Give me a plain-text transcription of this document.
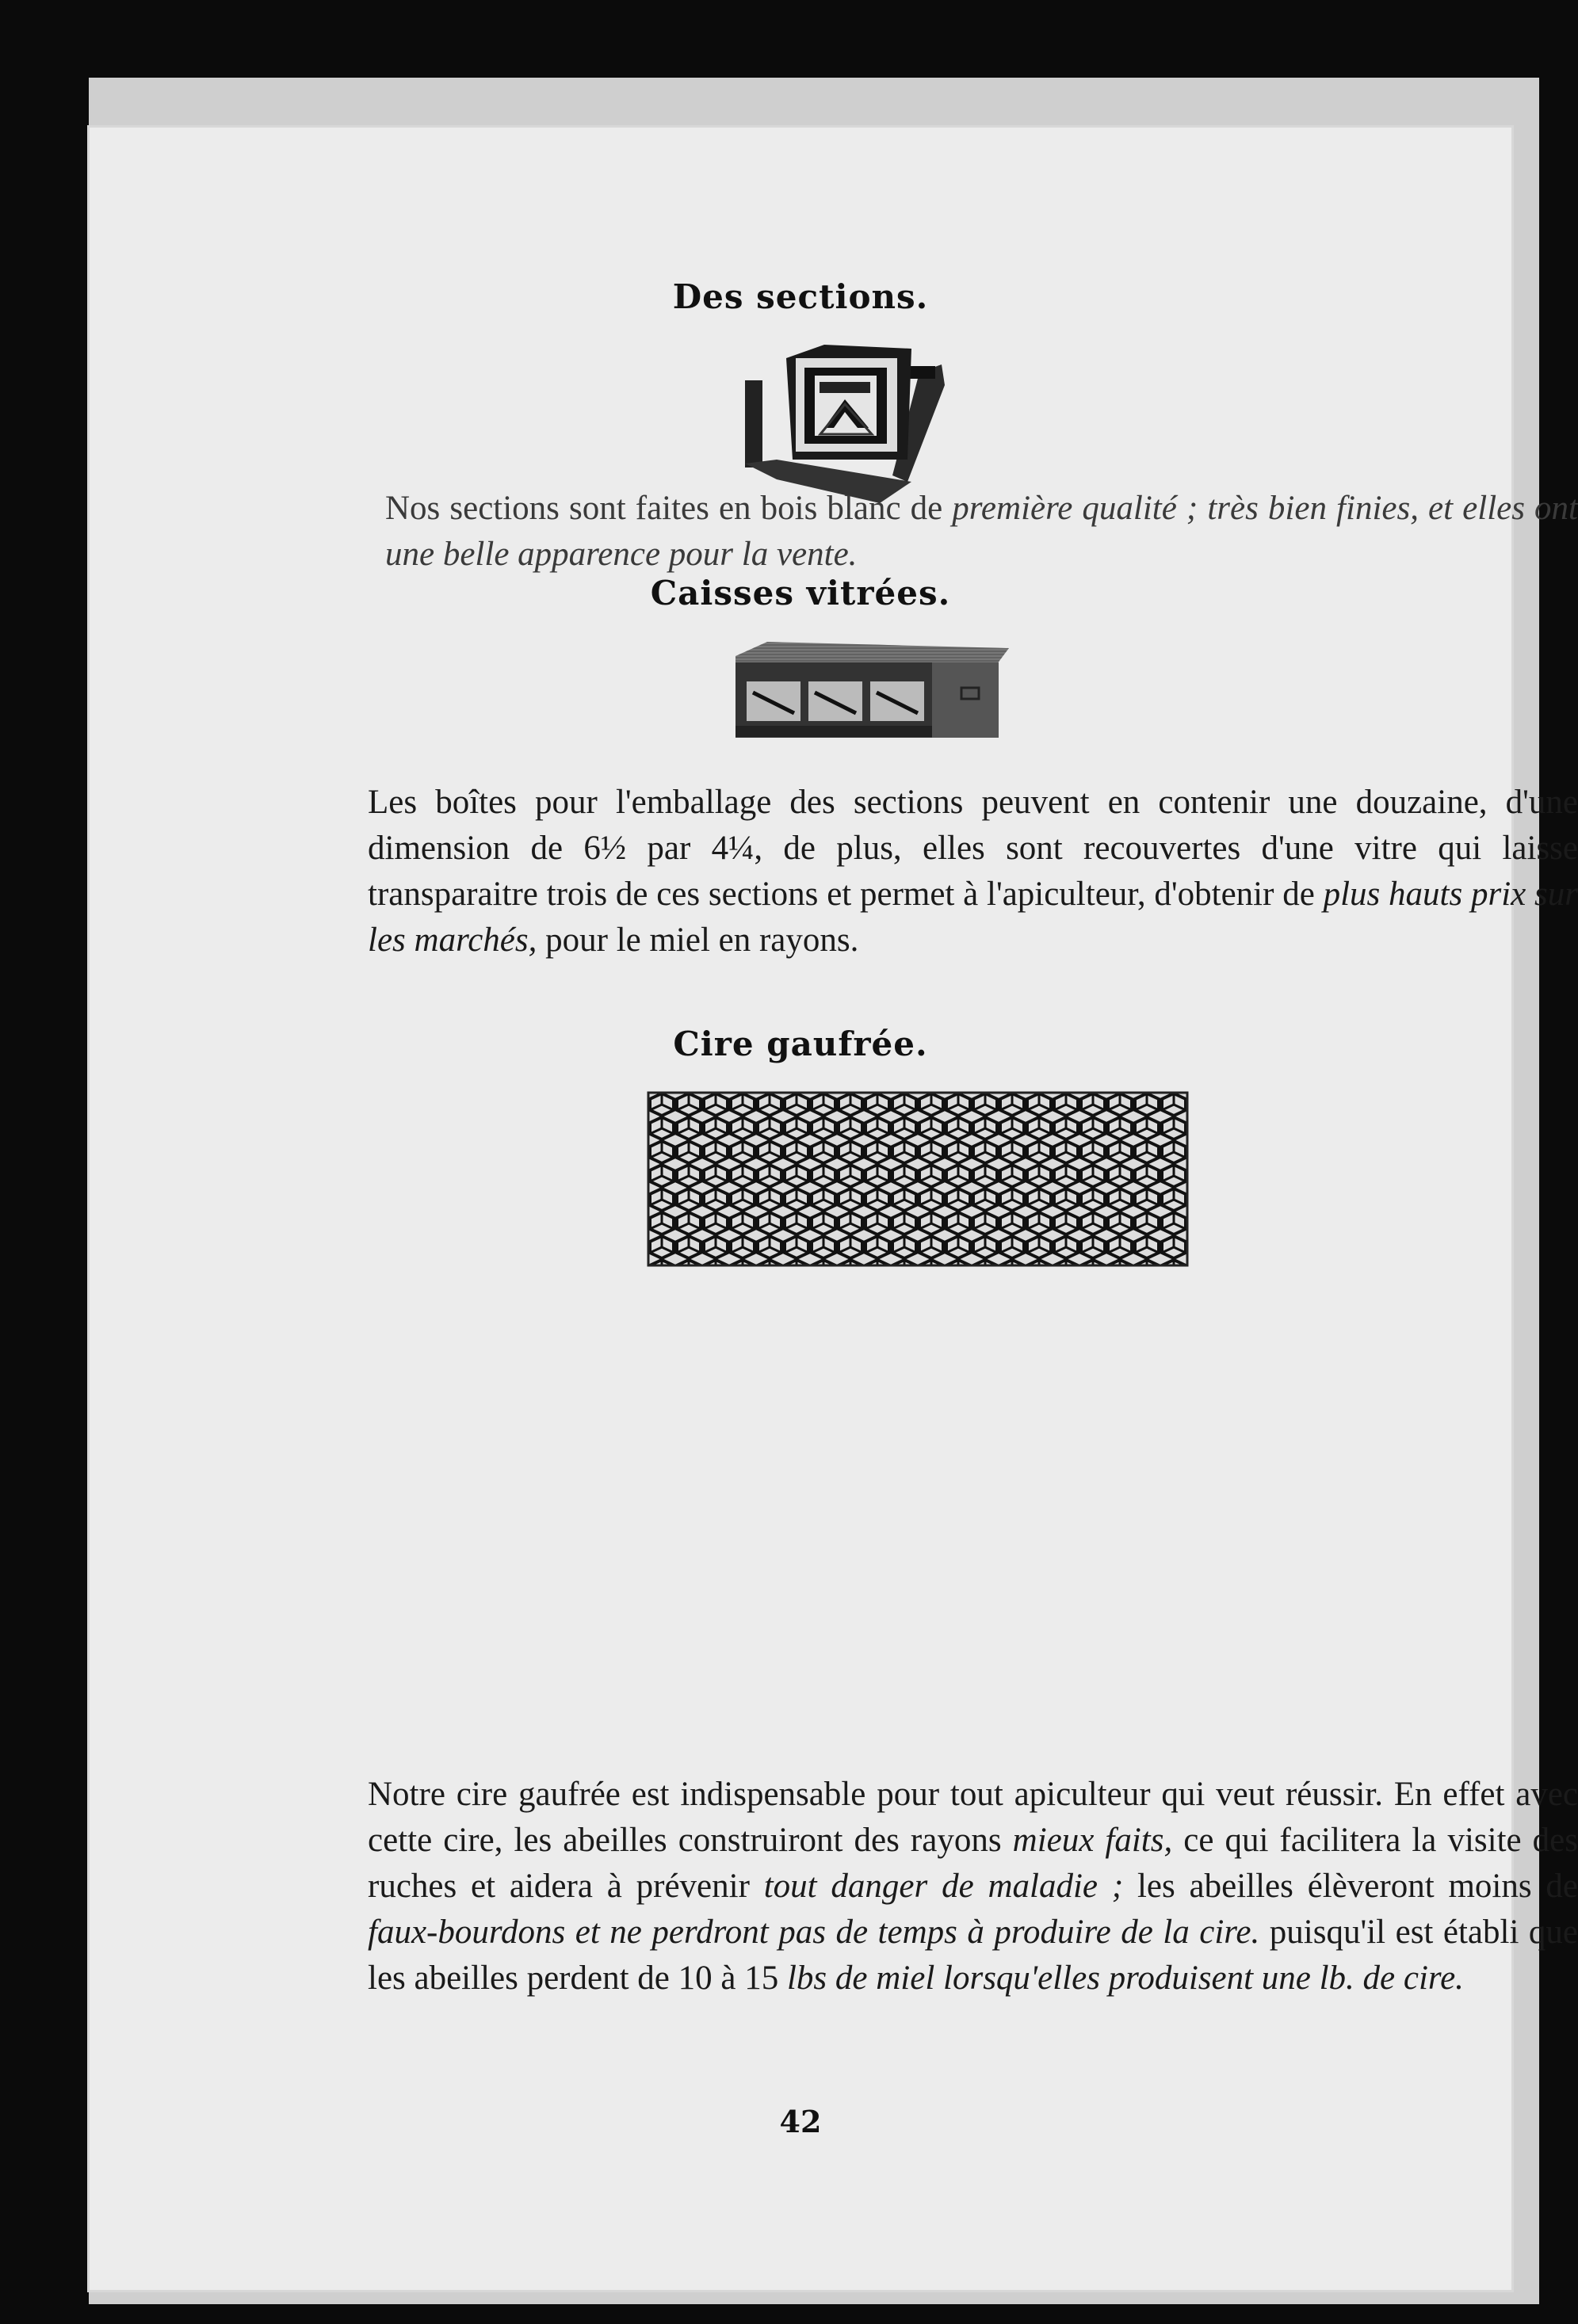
Des sections.

Nos sections sont faites en bois blanc de première qualité ; très bien finies, et elles ont une belle apparence pour la vente.

Caisses vitrées.

Les boîtes pour l'emballage des sections peuvent en contenir une douzaine, d'une dimension de 6½ par 4¼, de plus, elles sont recouvertes d'une vitre qui laisse transparaitre trois de ces sections et permet à l'apiculteur, d'obtenir de plus hauts prix sur les marchés, pour le miel en rayons.

Cire gaufrée.

Notre cire gaufrée est indispensable pour tout apiculteur qui veut réussir. En effet avec cette cire, les abeilles construiront des rayons mieux faits, ce qui facilitera la visite des ruches et aidera à prévenir tout danger de maladie ; les abeilles élèveront moins de faux-bourdons et ne perdront pas de temps à produire de la cire. puisqu'il est établi que les abeilles perdent de 10 à 15 lbs de miel lorsqu'elles produisent une lb. de cire.

42
